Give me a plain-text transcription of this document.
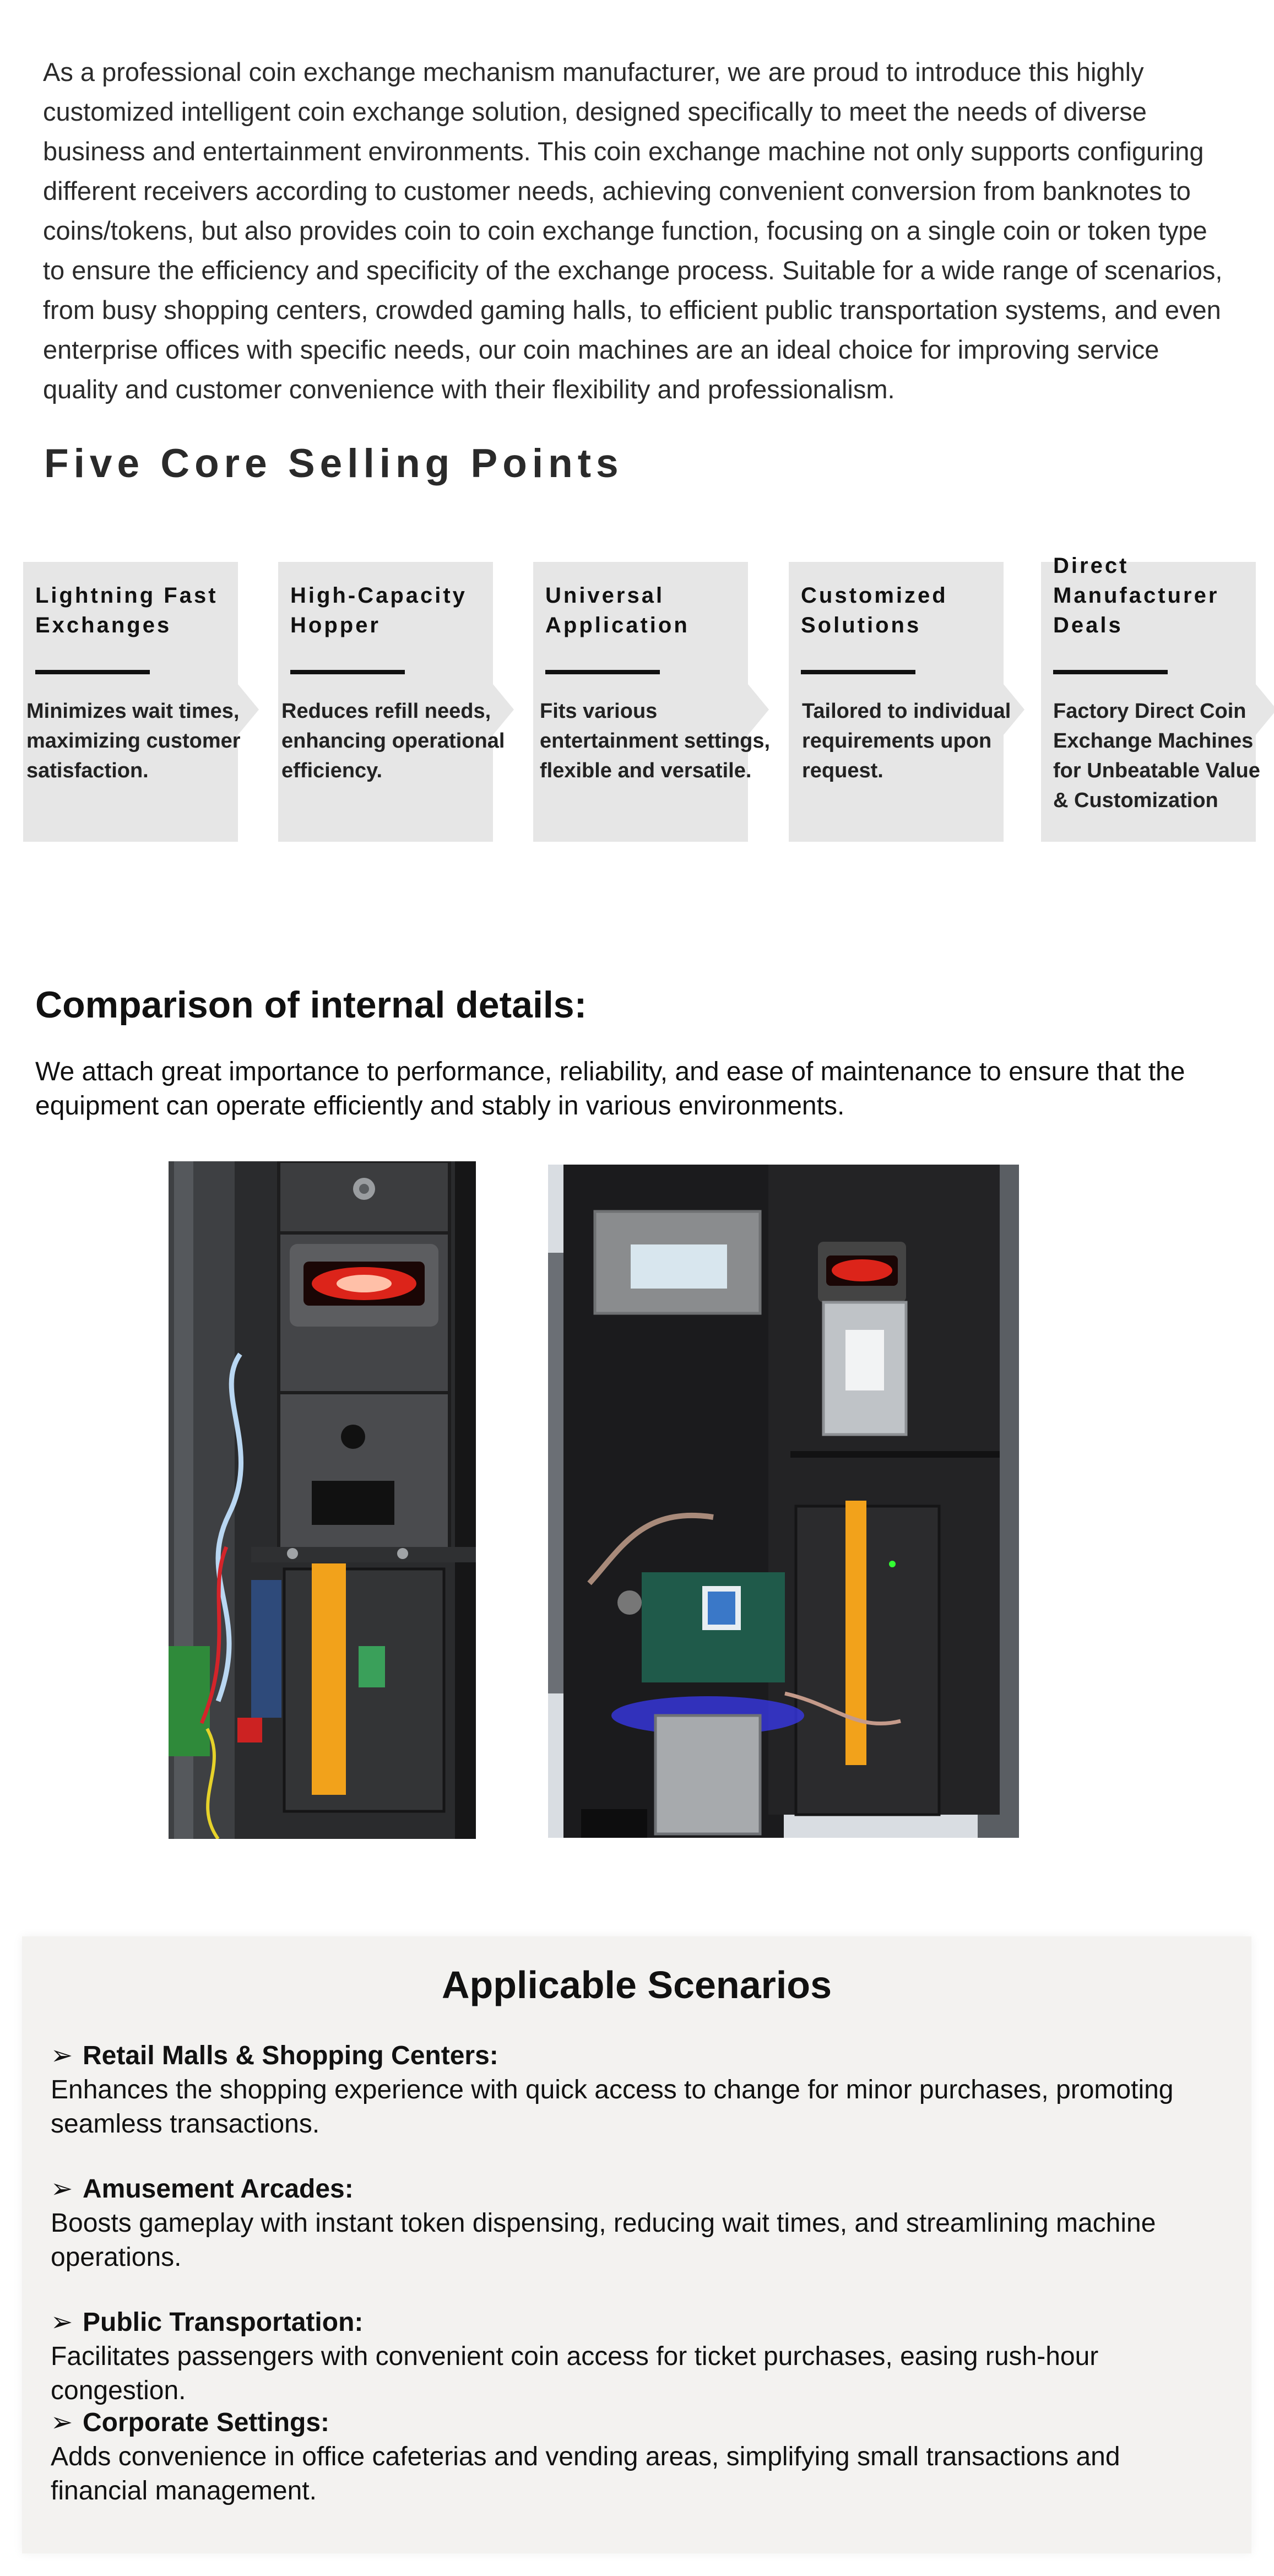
As a professional coin exchange mechanism manufacturer, we are proud to introduce this highly customized intelligent coin exchange solution, designed specifically to meet the needs of diverse business and entertainment environments. This coin exchange machine not only supports configuring different receivers according to customer needs, achieving convenient conversion from banknotes to coins/tokens, but also provides coin to coin exchange function, focusing on a single coin or token type to ensure the efficiency and specificity of the exchange process. Suitable for a wide range of scenarios, from busy shopping centers, crowded gaming halls, to efficient public transportation systems, and even enterprise offices with specific needs, our coin machines are an ideal choice for improving service quality and customer convenience with their flexibility and professionalism.

Five Core Selling Points
Lightning Fast Exchanges
Minimizes wait times, maximizing customer satisfaction.
High-Capacity Hopper
Reduces refill needs, enhancing operational efficiency.
Universal Application
Fits various entertainment settings, flexible and versatile.
Customized Solutions
Tailored to individual requirements upon request.
Direct Manufacturer Deals
Factory Direct Coin Exchange Machines for Unbeatable Value & Customization
Comparison of internal details:

We attach great importance to performance, reliability, and ease of maintenance to ensure that the equipment can operate efficiently and stably in various environments.

Applicable Scenarios
➢ Retail Malls & Shopping Centers:
Enhances the shopping experience with quick access to change for minor purchases, promoting seamless transactions.
➢ Amusement Arcades:
Boosts gameplay with instant token dispensing, reducing wait times, and streamlining machine operations.
➢ Public Transportation:
Facilitates passengers with convenient coin access for ticket purchases, easing rush-hour congestion.
➢ Corporate Settings:
Adds convenience in office cafeterias and vending areas, simplifying small transactions and financial management.
